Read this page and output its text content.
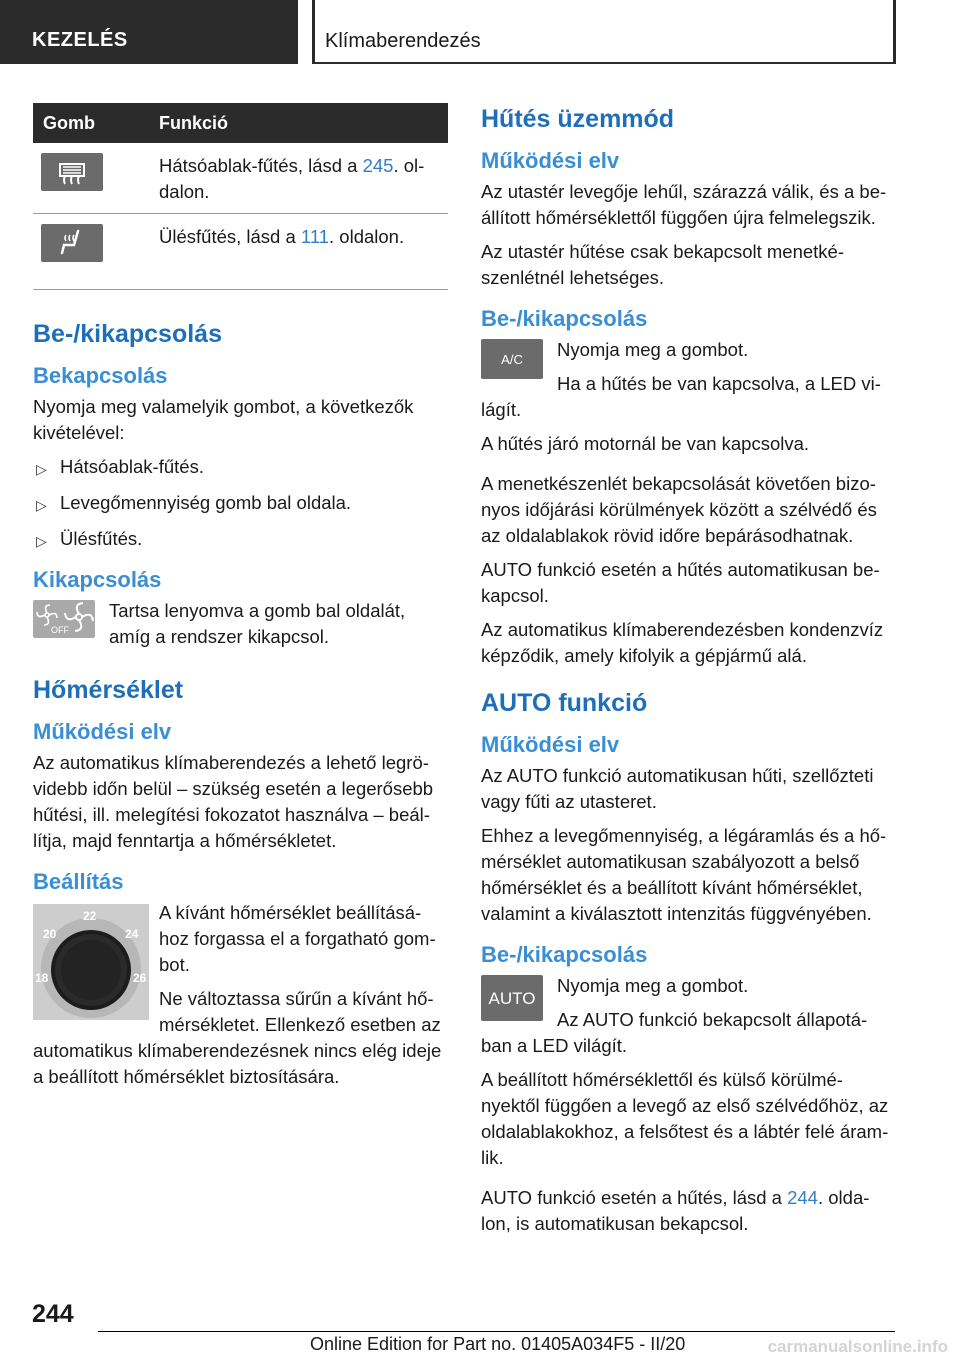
KEZELÉS	Klímaberendezés
Gomb	Funkció
	Hátsóablak-fűtés, lásd a 245. ol-dalon.
	Ülésfűtés, lásd a 111. oldalon.
Be-/kikapcsolás
Bekapcsolás

Nyomja meg valamelyik gombot, a következők kivételével:

▷ Hátsóablak-fűtés.
▷ Levegőmennyiség gomb bal oldala.
▷ Ülésfűtés.
Kikapcsolás
OFF

Tartsa lenyomva a gomb bal oldalát, amíg a rendszer kikapcsol.

Hőmérséklet
Működési elv

Az automatikus klímaberendezés a lehető legrö-videbb időn belül – szükség esetén a legerősebb hűtési, ill. melegítési fokozatot használva – beál-lítja, majd fenntartja a hőmérsékletet.

Beállítás
22
20	24
18	26

A kívánt hőmérséklet beállításá-hoz forgassa el a forgatható gom-bot.

Ne változtassa sűrűn a kívánt hő-mérsékletet. Ellenkező esetben az automatikus klímaberendezésnek nincs elég ideje a beállított hőmérséklet biztosítására.

Hűtés üzemmód
Működési elv

Az utastér levegője lehűl, szárazzá válik, és a be-állított hőmérséklettől függően újra felmelegszik.

Az utastér hűtése csak bekapcsolt menetké-szenlétnél lehetséges.

Be-/kikapcsolás
A/C	Nyomja meg a gombot.

Ha a hűtés be van kapcsolva, a LED vi-lágít.

A hűtés járó motornál be van kapcsolva.

A menetkészenlét bekapcsolását követően bizo-nyos időjárási körülmények között a szélvédő és az oldalablakok rövid időre bepárásodhatnak.

AUTO funkció esetén a hűtés automatikusan be-kapcsol.

Az automatikus klímaberendezésben kondenzvíz képződik, amely kifolyik a gépjármű alá.

AUTO funkció
Működési elv

Az AUTO funkció automatikusan hűti, szellőzteti vagy fűti az utasteret.

Ehhez a levegőmennyiség, a légáramlás és a hő-mérséklet automatikusan szabályozott a belső hőmérséklet és a beállított kívánt hőmérséklet, valamint a kiválasztott intenzitás függvényében.

Be-/kikapcsolás
AUTO

Nyomja meg a gombot.

Az AUTO funkció bekapcsolt állapotá-ban a LED világít.

A beállított hőmérséklettől és külső körülmé-nyektől függően a levegő az első szélvédőhöz, az oldalablakokhoz, a felsőtest és a lábtér felé áram-lik.

AUTO funkció esetén a hűtés, lásd a 244. olda-lon, is automatikusan bekapcsol.

244
Online Edition for Part no. 01405A034F5 - II/20	carmanualsonline.info
